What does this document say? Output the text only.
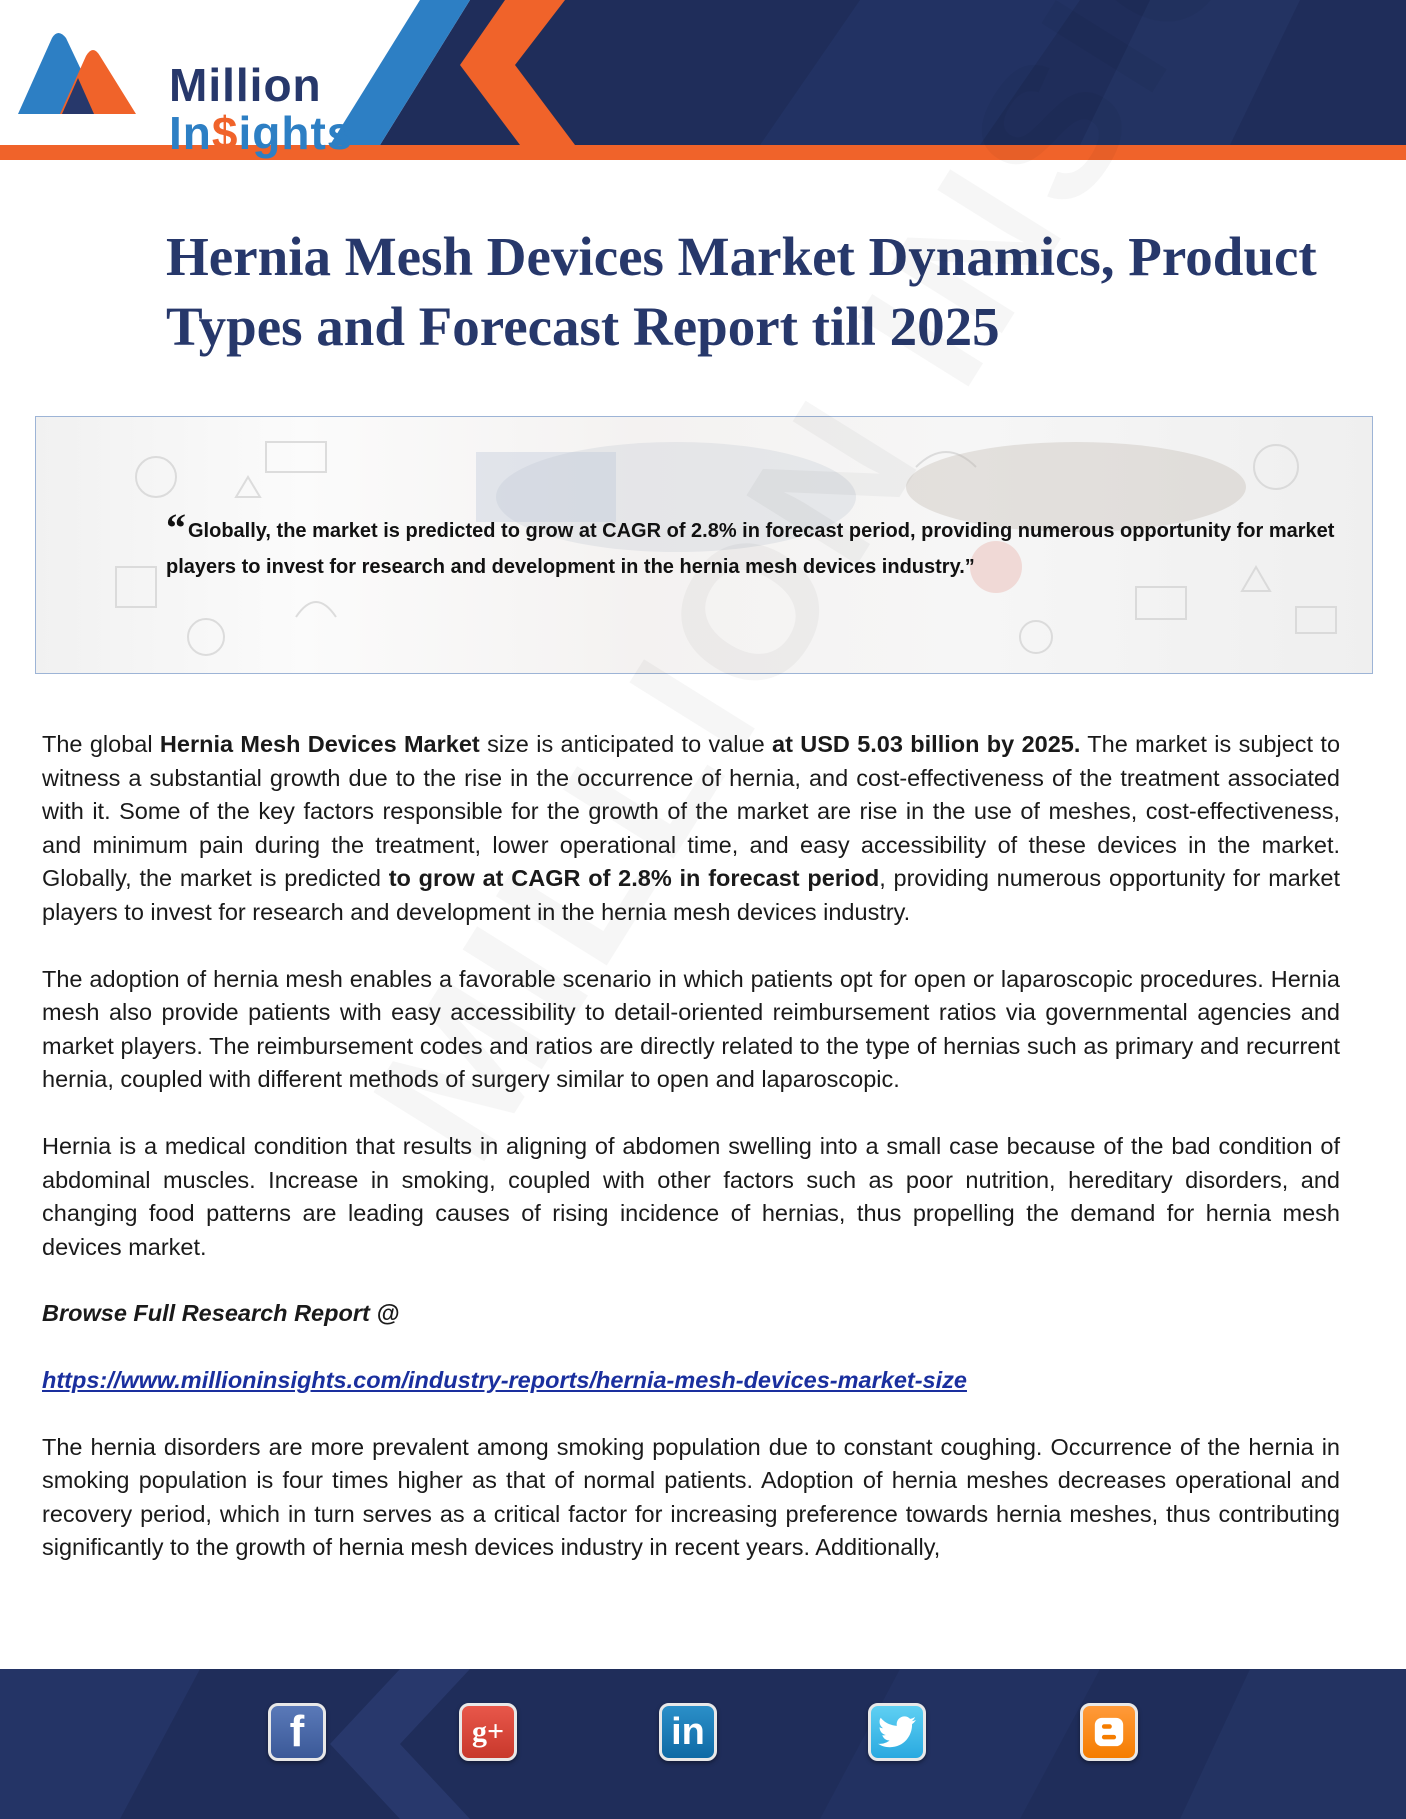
Million
In$ights
Hernia Mesh Devices Market Dynamics, Product Types and Forecast Report till 2025
“ Globally, the market is predicted to grow at CAGR of 2.8% in forecast period, providing numerous opportunity for market players to invest for research and development in the hernia mesh devices industry.”

The global Hernia Mesh Devices Market size is anticipated to value at USD 5.03 billion by 2025. The market is subject to witness a substantial growth due to the rise in the occurrence of hernia, and cost-effectiveness of the treatment associated with it. Some of the key factors responsible for the growth of the market are rise in the use of meshes, cost-effectiveness, and minimum pain during the treatment, lower operational time, and easy accessibility of these devices in the market. Globally, the market is predicted to grow at CAGR of 2.8% in forecast period, providing numerous opportunity for market players to invest for research and development in the hernia mesh devices industry.

The adoption of hernia mesh enables a favorable scenario in which patients opt for open or laparoscopic procedures. Hernia mesh also provide patients with easy accessibility to detail-oriented reimbursement ratios via governmental agencies and market players. The reimbursement codes and ratios are directly related to the type of hernias such as primary and recurrent hernia, coupled with different methods of surgery similar to open and laparoscopic.

Hernia is a medical condition that results in aligning of abdomen swelling into a small case because of the bad condition of abdominal muscles. Increase in smoking, coupled with other factors such as poor nutrition, hereditary disorders, and changing food patterns are leading causes of rising incidence of hernias, thus propelling the demand for hernia mesh devices market.

Browse Full Research Report @

https://www.millioninsights.com/industry-reports/hernia-mesh-devices-market-size

The hernia disorders are more prevalent among smoking population due to constant coughing. Occurrence of the hernia in smoking population is four times higher as that of normal patients. Adoption of hernia meshes decreases operational and recovery period, which in turn serves as a critical factor for increasing preference towards hernia meshes, thus contributing significantly to the growth of hernia mesh devices industry in recent years. Additionally,

f	g+	in
